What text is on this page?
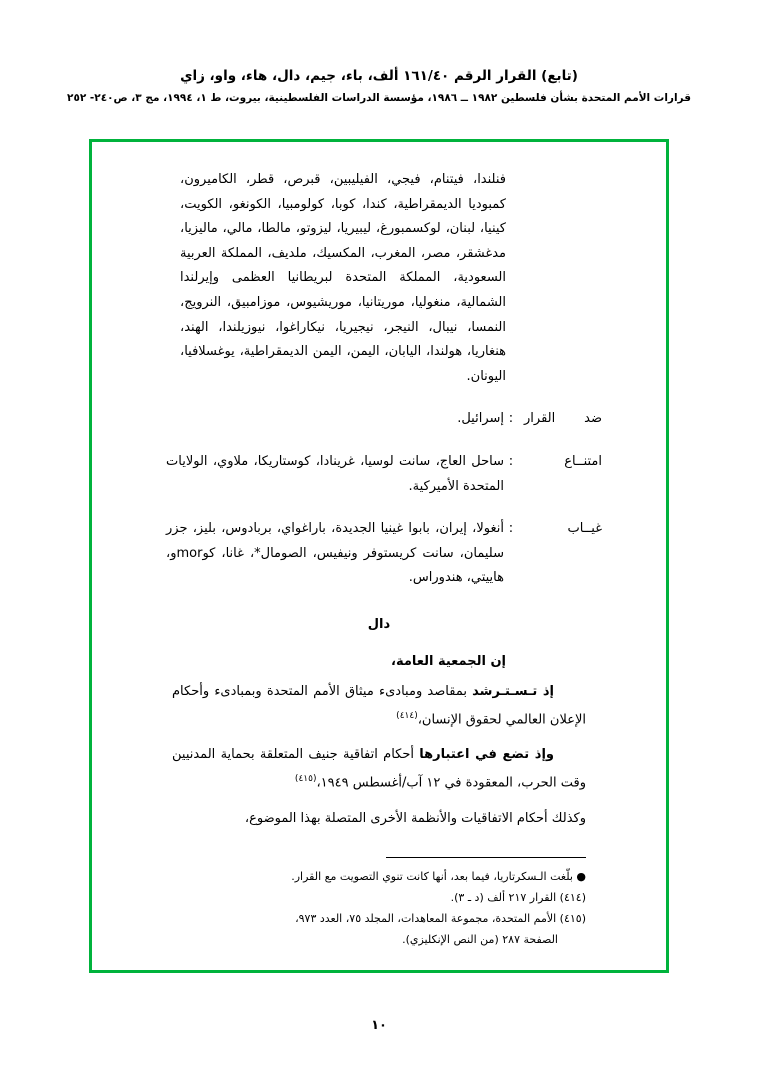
(تابع) القرار الرقم ١٦١/٤٠ ألف، باء، جيم، دال، هاء، واو، زاي
قرارات الأمم المتحدة بشأن فلسطين ١٩٨٢ ــ ١٩٨٦، مؤسسة الدراسات الفلسطينية، بيروت، ط ١، ١٩٩٤، مج ٣، ص٢٤٠- ٢٥٢
فنلندا، فيتنام، فيجي، الفيليبين، قبرص، قطر، الكاميرون، كمبوديا الديمقراطية، كندا، كوبا، كولومبيا، الكونغو، الكويت، كينيا، لبنان، لوكسمبورغ، ليبيريا، ليزوتو، مالطا، مالي، ماليزيا، مدغشقر، مصر، المغرب، المكسيك، ملديف، المملكة العربية السعودية، المملكة المتحدة لبريطانيا العظمى وإيرلندا الشمالية، منغوليا، موريتانيا، موريشيوس، موزامبيق، النرويج، النمسا، نيبال، النيجر، نيجيريا، نيكاراغوا، نيوزيلندا، الهند، هنغاريا، هولندا، اليابان، اليمن، اليمن الديمقراطية، يوغسلافيا، اليونان.
ضد القرار
:
إسرائيل.
امتنــاع
:
ساحل العاج، سانت لوسيا، غرينادا، كوستاريكا، ملاوي، الولايات المتحدة الأميركية.
غيــاب
:
أنغولا، إيران، بابوا غينيا الجديدة، باراغواي، بربادوس، بليز، جزر سليمان، سانت كريستوفر ونيفيس، الصومال*، غانا، كوmorو، هاييتي، هندوراس.
دال
إن الجمعية العامة،
إذ تـسـتـرشد بمقاصد ومبادىء ميثاق الأمم المتحدة وبمبادىء وأحكام الإعلان العالمي لحقوق الإنسان،$^{(٤١٤)}$
وإذ تضع في اعتبارها أحكام اتفاقية جنيف المتعلقة بحماية المدنيين وقت الحرب، المعقودة في ١٢ آب/أغسطس ١٩٤٩،$^{(٤١٥)}$
وكذلك أحكام الاتفاقيات والأنظمة الأخرى المتصلة بهذا الموضوع،
● بلّغت الـسكرتاريا، فيما بعد، أنها كانت تنوي التصويت مع القرار.
(٤١٤) القرار ٢١٧ ألف (د ـ ٣).
(٤١٥) الأمم المتحدة، مجموعة المعاهدات، المجلد ٧٥، العدد ٩٧٣،
الصفحة ٢٨٧ (من النص الإنكليزي).
١٠
